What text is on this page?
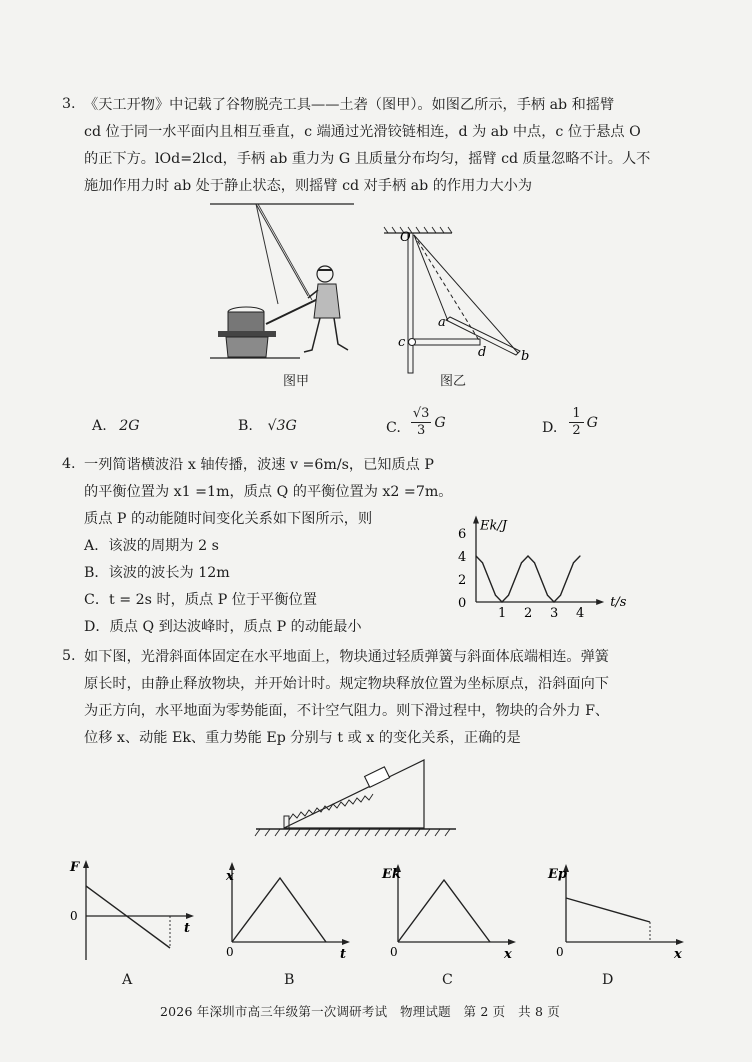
3. 《天工开物》中记载了谷物脱壳工具——土砻（图甲）。如图乙所示，手柄 ab 和摇臂
cd 位于同一水平面内且相互垂直，c 端通过光滑铰链相连，d 为 ab 中点，c 位于悬点 O
的正下方。lOd=2lcd，手柄 ab 重力为 G 且质量分布均匀，摇臂 cd 质量忽略不计。人不
施加作用力时 ab 处于静止状态，则摇臂 cd 对手柄 ab 的作用力大小为
图甲
O
a
c
d	b
图乙
A. 2G	B. √3G	C. $\frac{√3}{3}$ G	D. $\frac{1}{2}$ G
4. 一列简谐横波沿 x 轴传播，波速 v =6m/s，已知质点 P
的平衡位置为 x1 =1m，质点 Q 的平衡位置为 x2 =7m。
质点 P 的动能随时间变化关系如下图所示，则
A．该波的周期为 2 s
B．该波的波长为 12m
C．t = 2s 时，质点 P 位于平衡位置
D．质点 Q 到达波峰时，质点 P 的动能最小
0
2
4
6
1 2 3 4
Ek/J
t/s
5. 如下图，光滑斜面体固定在水平地面上，物块通过轻质弹簧与斜面体底端相连。弹簧
原长时，由静止释放物块，并开始计时。规定物块释放位置为坐标原点，沿斜面向下
为正方向，水平地面为零势能面，不计空气阻力。则下滑过程中，物块的合外力 F、
位移 x、动能 Ek、重力势能 Ep 分别与 t 或 x 的变化关系，正确的是
F
0
t
x
0	t
Ek
0	x
Ep
0	x
A	B	C	D
2026 年深圳市高三年级第一次调研考试　物理试题　第 2 页　共 8 页
